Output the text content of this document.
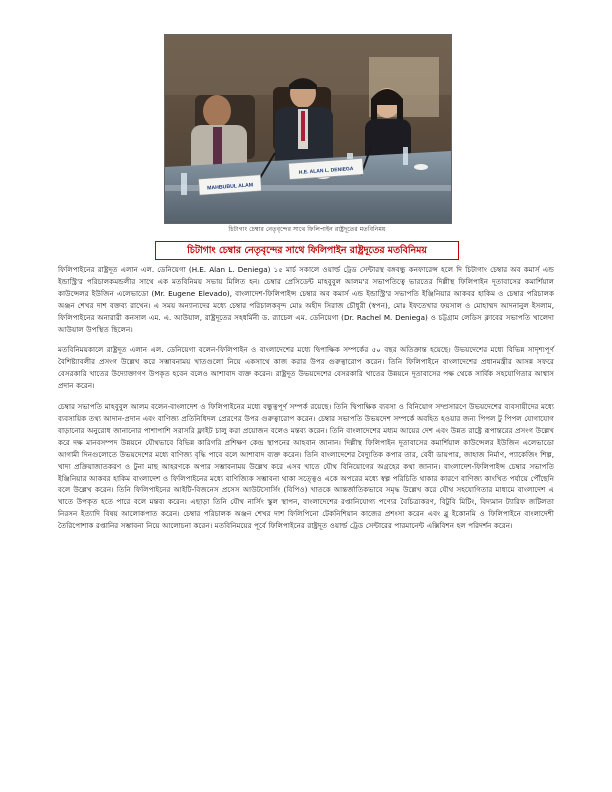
MAHBUBUL ALAM
H.E. ALAN L. DENIEGA
চিটাগাং চেম্বার নেতৃবৃন্দের সাথে ফিলিপাইন রাষ্ট্রদূতের মতবিনিময়
চিটাগাং চেম্বার নেতৃবৃন্দের সাথে ফিলিপাইন রাষ্ট্রদূতের মতবিনিময়

ফিলিপাইনের রাষ্ট্রদূত এলান এল. ডেনিয়েগা (H.E. Alan L. Deniega) ১৫ মার্চ সকালে ওয়ার্ল্ড ট্রেড সেন্টারস্থ বঙ্গবন্ধু কনফারেন্স হলে দি চিটাগাং চেম্বার অব কমার্স এন্ড ইন্ডাস্ট্রি'র পরিচালকমন্ডলীর সাথে এক মতবিনিময় সভায় মিলিত হন। চেম্বার প্রেসিডেন্ট মাহবুবুল আলম'র সভাপতিত্বে ভারতের দিল্লীস্থ ফিলিপাইন দূতাবাসের কমার্শিয়াল কাউন্সেলর ইউজিন এলেভাডো (Mr. Eugene Elevado), বাংলাদেশ-ফিলিপাইন্স চেম্বার অব কমার্স এন্ড ইন্ডাস্ট্রি'র সভাপতি ইঞ্জিনিয়ার আকবর হাকিম ও চেম্বার পরিচালক অঞ্জন শেখর দাশ বক্তব্য রাখেন। এ সময় অন্যান্যদের মধ্যে চেম্বার পরিচালকবৃন্দ মোঃ অহীদ সিরাজ চৌধুরী (স্বপন), মোঃ ইফতেখার ফয়সাল ও মোহাম্মদ আদনানুল ইসলাম, ফিলিপাইনের অনারারী কনসাল এম. এ. আউয়াল, রাষ্ট্রদূতের সহধর্মিনী ড. র‍্যাচেল এম. ডেনিয়েগা (Dr. Rachel M. Deniega) ও চট্টগ্রাম লেডিস ক্লাবের সভাপতি খালেদা আউয়াল উপস্থিত ছিলেন।

মতবিনিময়কালে রাষ্ট্রদূত এলান এল. ডেনিয়েগা বলেন-ফিলিপাইন ও বাংলাদেশের মধ্যে দ্বিপাক্ষিক সম্পর্কের ৫০ বছর অতিক্রান্ত হয়েছে। উভয়দেশের মধ্যে বিভিন্ন সাদৃশ্যপূর্ণ বৈশিষ্ট্যাবলীর প্রসংগ উল্লেখ করে সম্ভাবনাময় খাতগুলো নিয়ে একসাথে কাজ করার উপর গুরুত্বারোপ করেন। তিনি ফিলিপাইনে বাংলাদেশের প্রধানমন্ত্রীর আসন্ন সফরে বেসরকারি খাতের উদ্যোক্তাগণ উপকৃত হবেন বলেও আশাবাদ ব্যক্ত করেন। রাষ্ট্রদূত উভয়দেশের বেসরকারি খাতের উন্নয়নে দূতাবাসের পক্ষ থেকে সার্বিক সহযোগিতার আশ্বাস প্রদান করেন।

চেম্বার সভাপতি মাহবুবুল আলম বলেন-বাংলাদেশ ও ফিলিপাইনের মধ্যে বন্ধুত্বপূর্ণ সম্পর্ক রয়েছে। তিনি দ্বিপাক্ষিক ব্যবসা ও বিনিয়োগ সম্প্রসারণে উভয়দেশের ব্যবসায়ীদের মধ্যে ব্যবসায়িক তথ্য আদান-প্রদান এবং বাণিজ্য প্রতিনিধিদল প্রেরণের উপর গুরুত্বারোপ করেন। চেম্বার সভাপতি উভয়দেশ সম্পর্কে অবহিত হওয়ার জন্য পিপল টু পিপল যোগাযোগ বাড়ানোর অনুরোধ জানানোর পাশাপাশি সরাসরি ফ্লাইট চালু করা প্রয়োজন বলেও মন্তব্য করেন। তিনি বাংলাদেশের মধ্যম আয়ের দেশ এবং উন্নত রাষ্ট্রে রূপান্তরের প্রসংগ উল্লেখ করে দক্ষ মানবসম্পদ উন্নয়নে যৌথভাবে বিভিন্ন কারিগরি প্রশিক্ষণ কেন্দ্র স্থাপনের আহবান জানান। দিল্লীস্থ ফিলিপাইন দূতাবাসের কমার্শিয়াল কাউন্সেলর ইউজিন এলেভাডো আগামী দিনগুলোতে উভয়দেশের মধ্যে বাণিজ্য বৃদ্ধি পাবে বলে আশাবাদ ব্যক্ত করেন। তিনি বাংলাদেশের বৈদ্যুতিক কপার তার, বেবী ডায়পার, জাহাজ নির্মাণ, প্যাকেজিং শিল্প, খাদ্য প্রক্রিয়াজাতকরণ ও টুনা মাছ আহরণকে অপার সম্ভাবনাময় উল্লেখ করে এসব খাতে যৌথ বিনিয়োগের অগ্রহের কথা জানান। বাংলাদেশ-ফিলিপাইন্স চেম্বার সভাপতি ইঞ্জিনিয়ার আকবর হাকিম বাংলাদেশ ও ফিলিপাইনের মধ্যে বাণিজ্যিক সম্ভাবনা থাকা সত্ত্বেও একে অপরের মধ্যে স্বল্প পরিচিতি থাকার কারণে বাণিজ্য কাংখিত পর্যায়ে পৌঁছেনি বলে উল্লেখ করেন। তিনি ফিলিপাইনের আইটি-বিজনেস প্রসেস আউটসোর্সিং (বিপিও) খাতকে আন্তর্জাতিকভাবে সমৃদ্ধ উল্লেখ করে যৌথ সহযোগিতার মাধ্যমে বাংলাদেশ এ খাতে উপকৃত হতে পারে বলে মন্তব্য করেন। এছাড়া তিনি যৌথ নার্সিং স্কুল স্থাপন, বাংলাদেশের রপ্তানিযোগ্য পণ্যের বৈচিত্র্যকরণ, বিটুবি মিটিং, বিদ্যমান ট্যারিফ জটিলতা নিরসন ইত্যাদি বিষয় আলোকপাত করেন। চেম্বার পরিচালক অঞ্জন শেখর দাশ ফিলিপিনো টেকনিশিয়ান কাজের প্রশংসা করেন এবং ব্লু ইকোনমি ও ফিলিপাইনে বাংলাদেশী তৈরিপোশাক রপ্তানির সম্ভাবনা নিয়ে আলোচনা করেন। মতবিনিময়ের পূর্বে ফিলিপাইনের রাষ্ট্রদূত ওয়ার্ল্ড ট্রেড সেন্টারের পারমানেন্ট এক্সিবিশন হল পরিদর্শন করেন।
